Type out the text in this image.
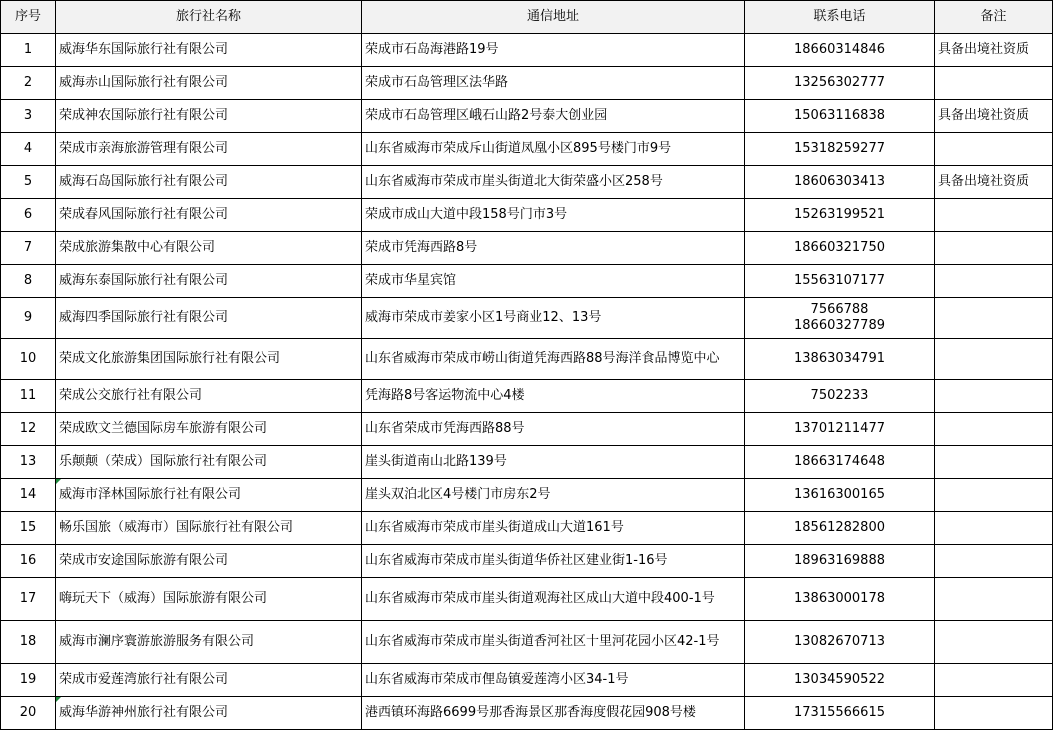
序号	旅行社名称	通信地址	联系电话	备注
1	威海华东国际旅行社有限公司	荣成市石岛海港路19号	18660314846	具备出境社资质
2	威海赤山国际旅行社有限公司	荣成市石岛管理区法华路	13256302777	

3	荣成神农国际旅行社有限公司	荣成市石岛管理区峨石山路2号泰大创业园	15063116838	具备出境社资质
4	荣成市亲海旅游管理有限公司	山东省威海市荣成斥山街道凤凰小区895号楼门市9号	15318259277	

5	威海石岛国际旅行社有限公司	山东省威海市荣成市崖头街道北大街荣盛小区258号	18606303413	具备出境社资质
6	荣成春风国际旅行社有限公司	荣成市成山大道中段158号门市3号	15263199521	

7	荣成旅游集散中心有限公司	荣成市凭海西路8号	18660321750	

8	威海东泰国际旅行社有限公司	荣成市华星宾馆	15563107177	

9	威海四季国际旅行社有限公司	威海市荣成市姜家小区1号商业12、13号	7566788
18660327789	

10	荣成文化旅游集团国际旅行社有限公司	山东省威海市荣成市崂山街道凭海西路88号海洋食品博览中心	13863034791	

11	荣成公交旅行社有限公司	凭海路8号客运物流中心4楼	7502233	

12	荣成欧文兰德国际房车旅游有限公司	山东省荣成市凭海西路88号	13701211477	

13	乐颠颠（荣成）国际旅行社有限公司	崖头街道南山北路139号	18663174648	

14	威海市泽林国际旅行社有限公司	崖头双泊北区4号楼门市房东2号	13616300165	

15	畅乐国旅（威海市）国际旅行社有限公司	山东省威海市荣成市崖头街道成山大道161号	18561282800	

16	荣成市安途国际旅游有限公司	山东省威海市荣成市崖头街道华侨社区建业街1-16号	18963169888	

17	嗨玩天下（威海）国际旅游有限公司	山东省威海市荣成市崖头街道观海社区成山大道中段400-1号	13863000178	

18	威海市澜序寰游旅游服务有限公司	山东省威海市荣成市崖头街道香河社区十里河花园小区42-1号	13082670713	

19	荣成市爱莲湾旅行社有限公司	山东省威海市荣成市俚岛镇爱莲湾小区34-1号	13034590522	

20	威海华游神州旅行社有限公司	港西镇环海路6699号那香海景区那香海度假花园908号楼	17315566615	
